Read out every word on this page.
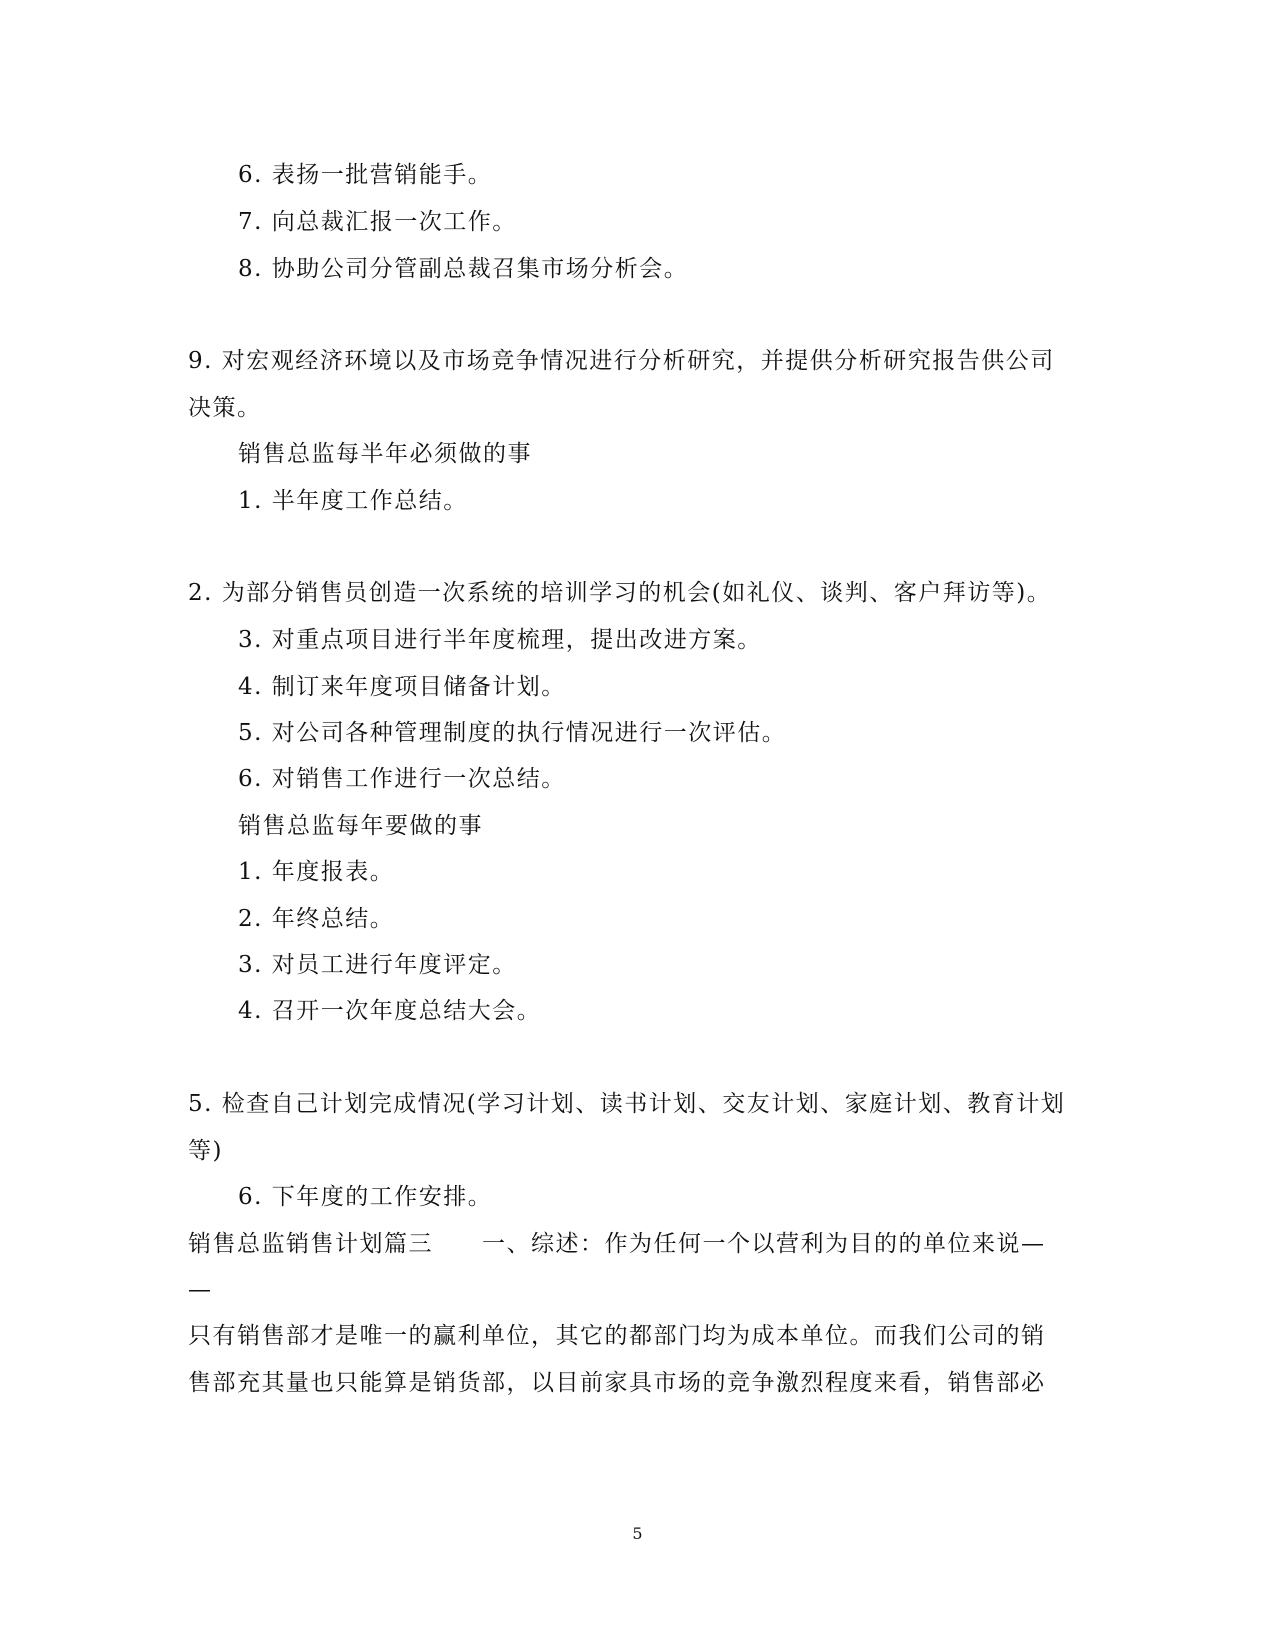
6. 表扬一批营销能手。
7. 向总裁汇报一次工作。
8. 协助公司分管副总裁召集市场分析会。
9. 对宏观经济环境以及市场竞争情况进行分析研究，并提供分析研究报告供公司
决策。
销售总监每半年必须做的事
1. 半年度工作总结。
2. 为部分销售员创造一次系统的培训学习的机会(如礼仪、谈判、客户拜访等)。
3. 对重点项目进行半年度梳理，提出改进方案。
4. 制订来年度项目储备计划。
5. 对公司各种管理制度的执行情况进行一次评估。
6. 对销售工作进行一次总结。
销售总监每年要做的事
1. 年度报表。
2. 年终总结。
3. 对员工进行年度评定。
4. 召开一次年度总结大会。
5. 检查自己计划完成情况(学习计划、读书计划、交友计划、家庭计划、教育计划
等)
6. 下年度的工作安排。
销售总监销售计划篇三　　一、综述：作为任何一个以营利为目的的单位来说—
—
只有销售部才是唯一的赢利单位，其它的都部门均为成本单位。而我们公司的销
售部充其量也只能算是销货部，以目前家具市场的竞争激烈程度来看，销售部必
5
